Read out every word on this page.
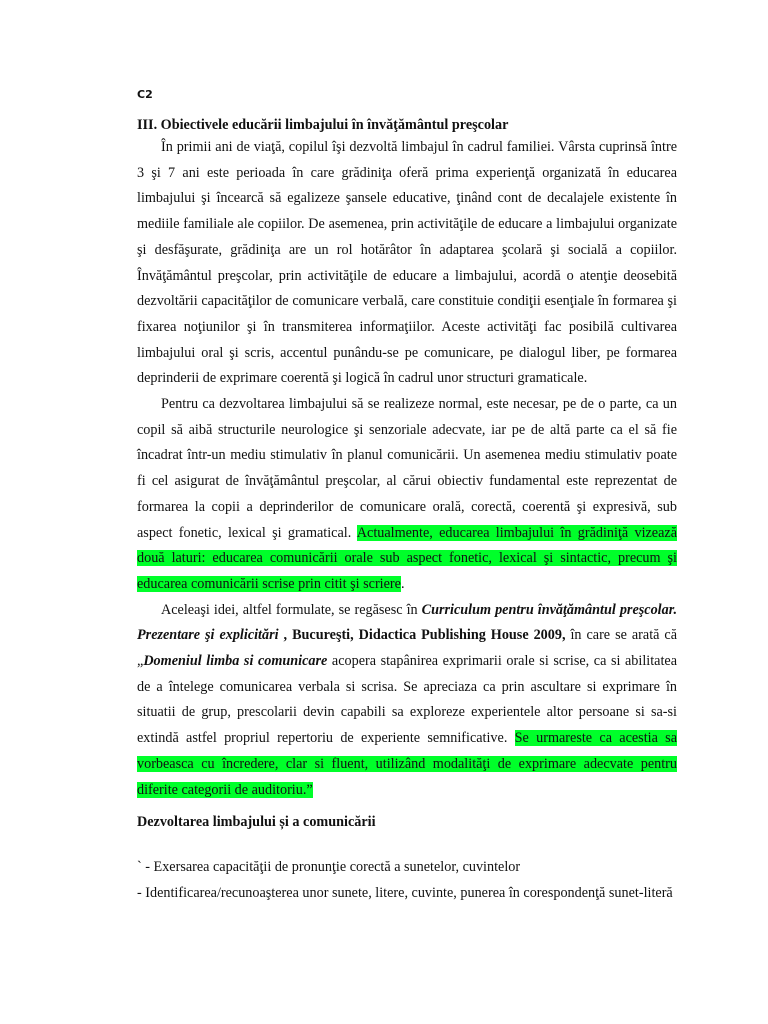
C2
III. Obiectivele educării limbajului în învăţământul preşcolar

În primii ani de viaţă, copilul îşi dezvoltă limbajul în cadrul familiei. Vârsta cuprinsă între 3 şi 7 ani este perioada în care grădiniţa oferă prima experienţă organizată în educarea limbajului şi încearcă să egalizeze şansele educative, ţinând cont de decalajele existente în mediile familiale ale copiilor. De asemenea, prin activităţile de educare a limbajului organizate şi desfăşurate, grădiniţa are un rol hotărâtor în adaptarea şcolară şi socială a copiilor. Învăţământul preşcolar, prin activităţile de educare a limbajului, acordă o atenţie deosebită dezvoltării capacităţilor de comunicare verbală, care constituie condiţii esenţiale în formarea şi fixarea noţiunilor şi în transmiterea informaţiilor. Aceste activităţi fac posibilă cultivarea limbajului oral şi scris, accentul punându-se pe comunicare, pe dialogul liber, pe formarea deprinderii de exprimare coerentă şi logică în cadrul unor structuri gramaticale.

Pentru ca dezvoltarea limbajului să se realizeze normal, este necesar, pe de o parte, ca un copil să aibă structurile neurologice şi senzoriale adecvate, iar pe de altă parte ca el să fie încadrat într-un mediu stimulativ în planul comunicării. Un asemenea mediu stimulativ poate fi cel asigurat de învăţământul preşcolar, al cărui obiectiv fundamental este reprezentat de formarea la copii a deprinderilor de comunicare orală, corectă, coerentă şi expresivă, sub aspect fonetic, lexical şi gramatical. Actualmente, educarea limbajului în grădiniţă vizează două laturi: educarea comunicării orale sub aspect fonetic, lexical şi sintactic, precum şi educarea comunicării scrise prin citit şi scriere.

Aceleaşi idei, altfel formulate, se regăsesc în Curriculum pentru învăţământul preşcolar. Prezentare şi explicitări , Bucureşti, Didactica Publishing House 2009, în care se arată că „Domeniul limba si comunicare acopera stapânirea exprimarii orale si scrise, ca si abilitatea de a întelege comunicarea verbala si scrisa. Se apreciaza ca prin ascultare si exprimare în situatii de grup, prescolarii devin capabili sa exploreze experientele altor persoane si sa-si extindă astfel propriul repertoriu de experiente semnificative. Se urmareste ca acestia sa vorbeasca cu încredere, clar si fluent, utilizând modalităţi de exprimare adecvate pentru diferite categorii de auditoriu.”

Dezvoltarea limbajului și a comunicării

` - Exersarea capacităţii de pronunţie corectă a sunetelor, cuvintelor

- Identificarea/recunoaşterea unor sunete, litere, cuvinte, punerea în corespondenţă sunet-literă
